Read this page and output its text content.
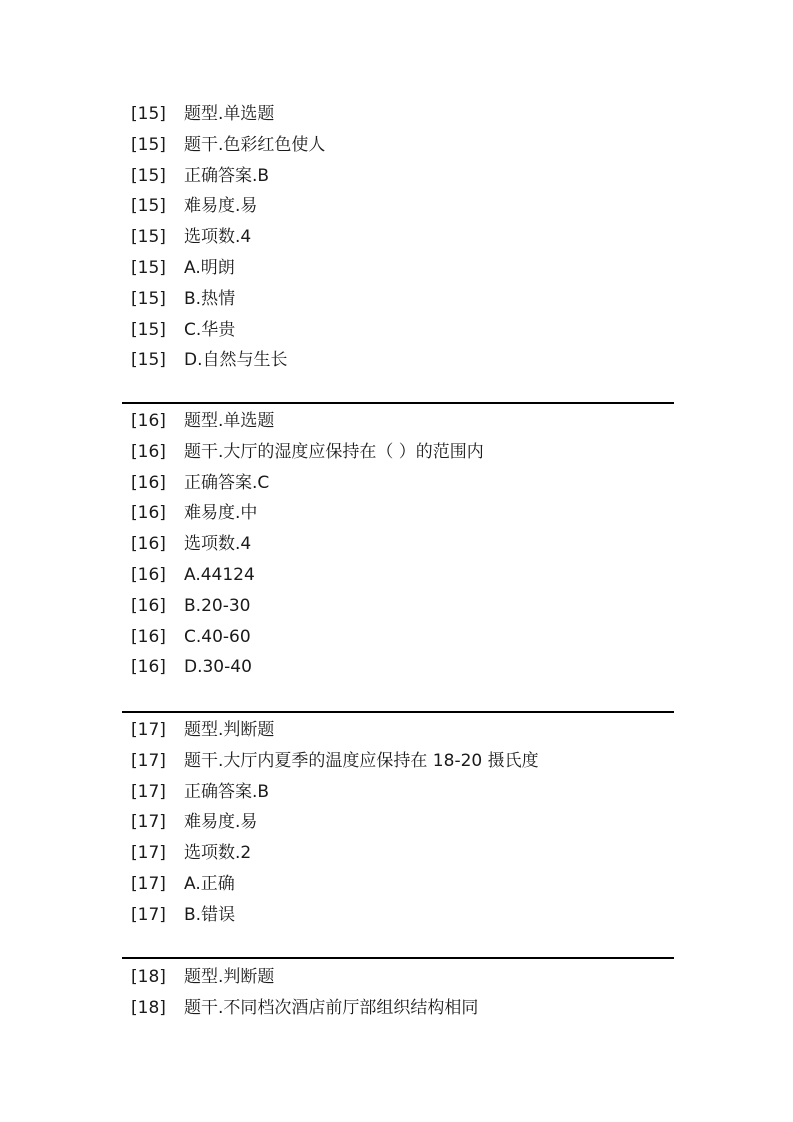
[15] 题型.单选题
[15] 题干.色彩红色使人
[15] 正确答案.B
[15] 难易度.易
[15] 选项数.4
[15] A.明朗
[15] B.热情
[15] C.华贵
[15] D.自然与生长
[16] 题型.单选题
[16] 题干.大厅的湿度应保持在（ ）的范围内
[16] 正确答案.C
[16] 难易度.中
[16] 选项数.4
[16] A.44124
[16] B.20-30
[16] C.40-60
[16] D.30-40
[17] 题型.判断题
[17] 题干.大厅内夏季的温度应保持在 18-20 摄氏度
[17] 正确答案.B
[17] 难易度.易
[17] 选项数.2
[17] A.正确
[17] B.错误
[18] 题型.判断题
[18] 题干.不同档次酒店前厅部组织结构相同
